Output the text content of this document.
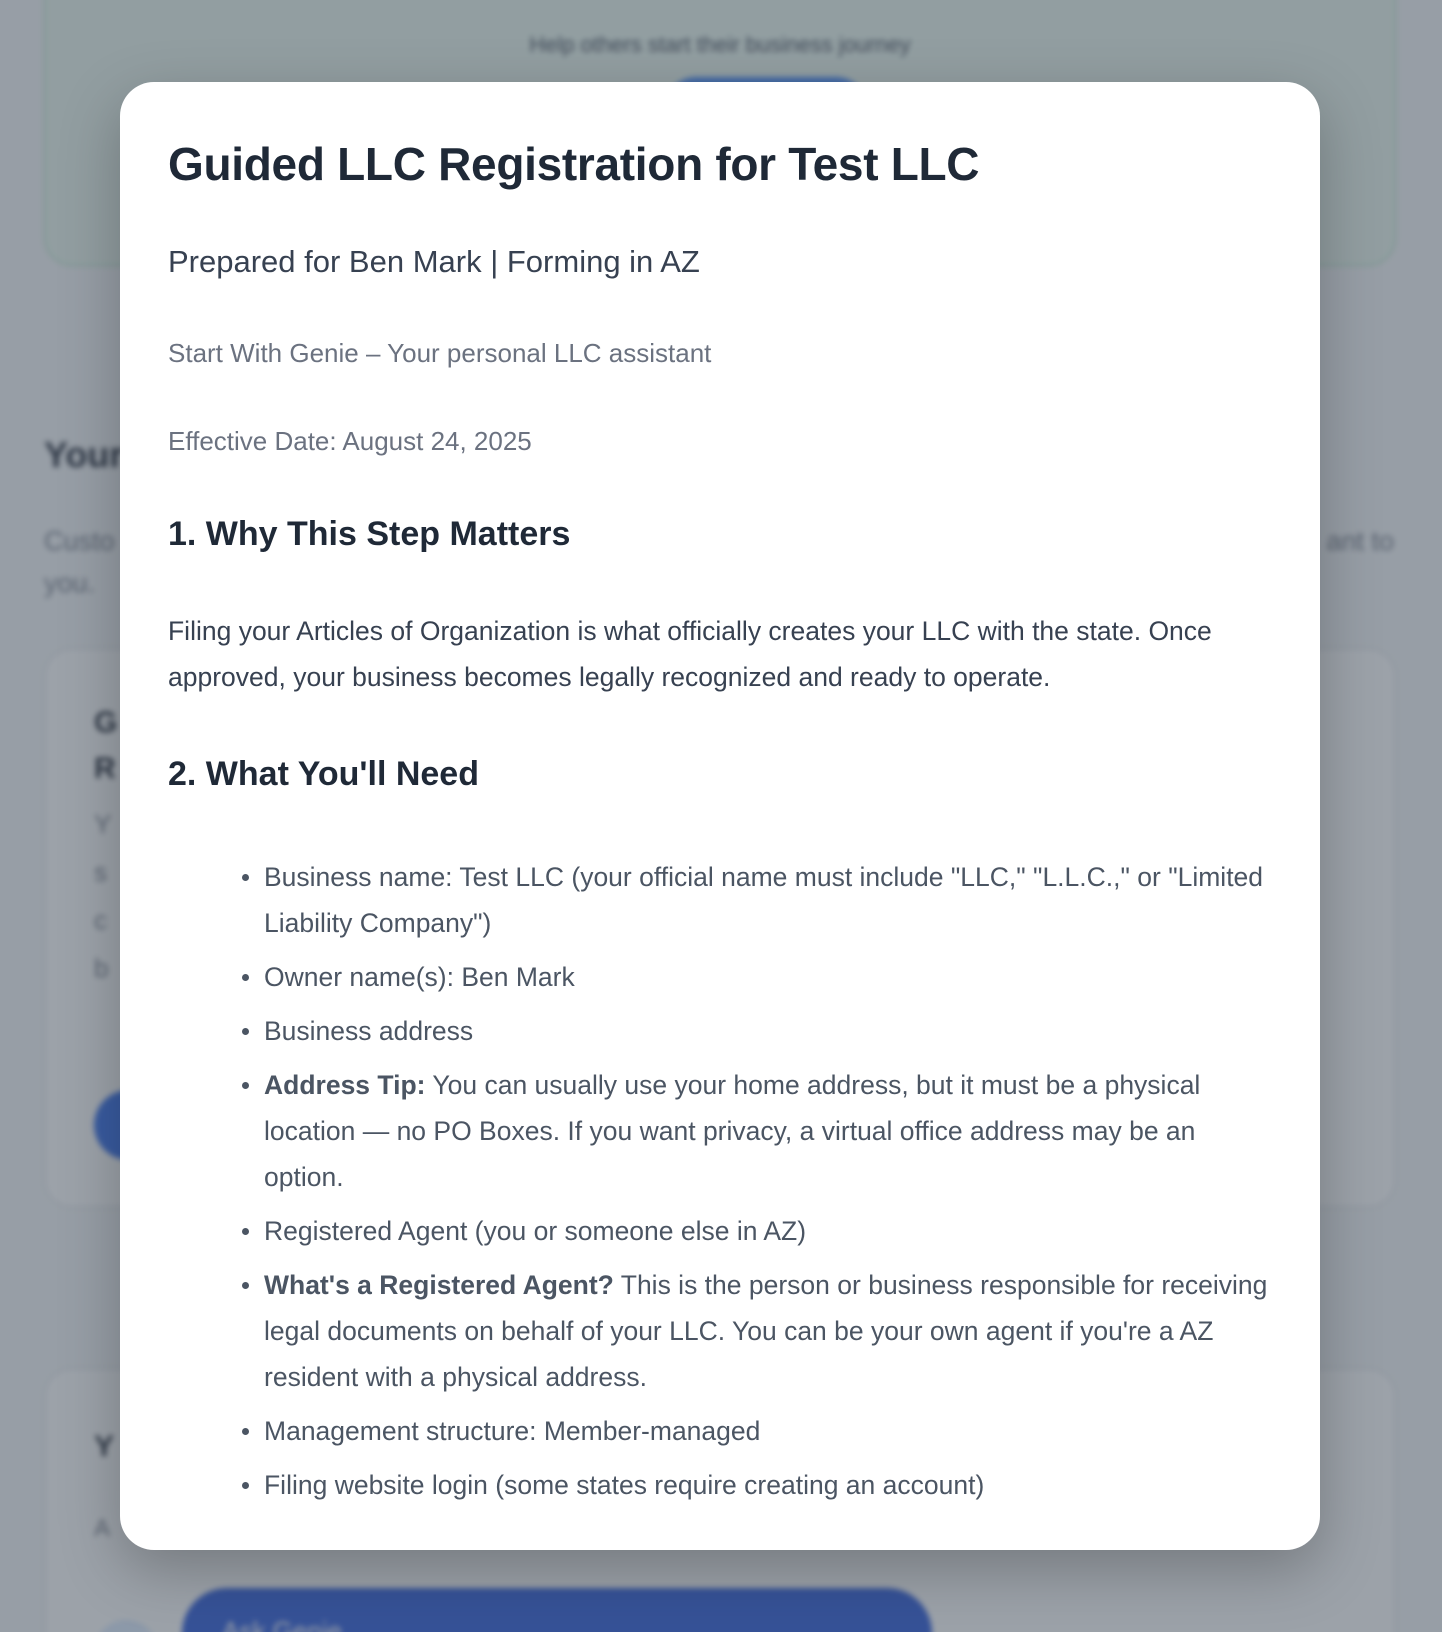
Guided LLC Registration for Test LLC
Prepared for Ben Mark | Forming in AZ
Start With Genie – Your personal LLC assistant
Effective Date: August 24, 2025
1. Why This Step Matters

Filing your Articles of Organization is what officially creates your LLC with the state. Once approved, your business becomes legally recognized and ready to operate.

2. What You'll Need
Business name: Test LLC (your official name must include "LLC," "L.L.C.," or "Limited Liability Company")
Owner name(s): Ben Mark
Business address
Address Tip: You can usually use your home address, but it must be a physical location — no PO Boxes. If you want privacy, a virtual office address may be an option.
Registered Agent (you or someone else in AZ)
What's a Registered Agent? This is the person or business responsible for receiving legal documents on behalf of your LLC. You can be your own agent if you're a AZ resident with a physical address.
Management structure: Member-managed
Filing website login (some states require creating an account)
